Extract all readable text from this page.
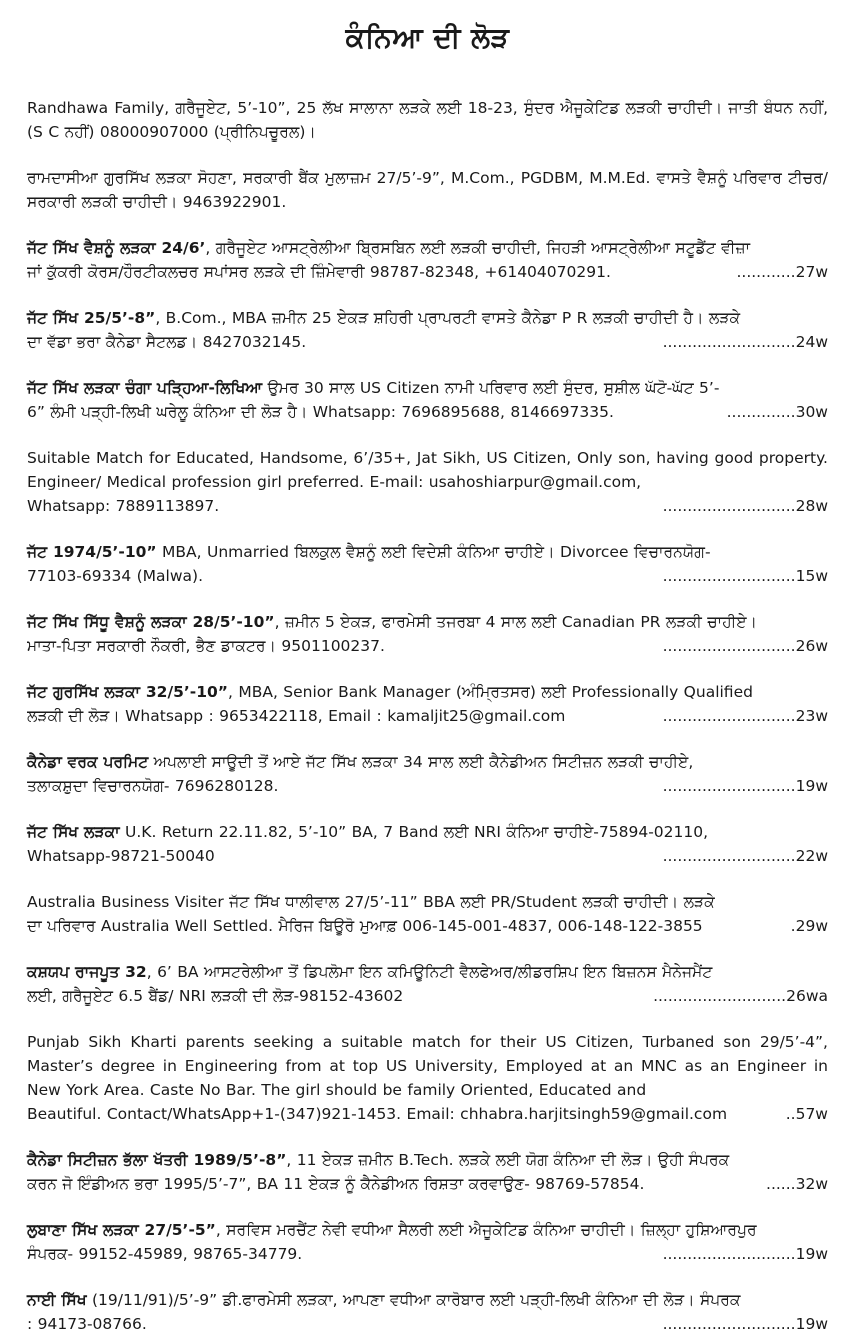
ਕੰਨਿਆ ਦੀ ਲੋੜ
Randhawa Family, ਗਰੈਜੂਏਟ, 5’-10”, 25 ਲੱਖ ਸਾਲਾਨਾ ਲੜਕੇ ਲਈ 18-23, ਸੁੰਦਰ ਐਜੂਕੇਟਿਡ ਲੜਕੀ ਚਾਹੀਦੀ। ਜਾਤੀ ਬੰਧਨ ਨਹੀਂ, (S C ਨਹੀਂ) 08000907000 (ਪ੍ਰੀਨਿਪਚੂਰਲ)।
ਰਾਮਦਾਸੀਆ ਗੁਰਸਿੱਖ ਲੜਕਾ ਸੋਹਣਾ, ਸਰਕਾਰੀ ਬੈਂਕ ਮੁਲਾਜ਼ਮ 27/5’-9”, M.Com., PGDBM, M.M.Ed. ਵਾਸਤੇ ਵੈਸ਼ਨੂੰ ਪਰਿਵਾਰ ਟੀਚਰ/ਸਰਕਾਰੀ ਲੜਕੀ ਚਾਹੀਦੀ। 9463922901.
ਜੱਟ ਸਿੱਖ ਵੈਸ਼ਨੂੰ ਲੜਕਾ 24/6’, ਗਰੈਜੂਏਟ ਆਸਟ੍ਰੇਲੀਆ ਬ੍ਰਿਸਬਿਨ ਲਈ ਲੜਕੀ ਚਾਹੀਦੀ, ਜਿਹੜੀ ਆਸਟ੍ਰੇਲੀਆ ਸਟੂਡੈਂਟ ਵੀਜ਼ਾ
ਜਾਂ ਕੁੱਕਰੀ ਕੋਰਸ/ਹੌਰਟੀਕਲਚਰ ਸਪਾਂਸਰ ਲੜਕੇ ਦੀ ਜ਼ਿੰਮੇਵਾਰੀ 98787-82348, +61404070291.	............27w
ਜੱਟ ਸਿੱਖ 25/5’-8”, B.Com., MBA ਜ਼ਮੀਨ 25 ਏਕੜ ਸ਼ਹਿਰੀ ਪ੍ਰਾਪਰਟੀ ਵਾਸਤੇ ਕੈਨੇਡਾ P R ਲੜਕੀ ਚਾਹੀਦੀ ਹੈ। ਲੜਕੇ
ਦਾ ਵੱਡਾ ਭਰਾ ਕੈਨੇਡਾ ਸੈਟਲਡ। 8427032145.	...........................24w
ਜੱਟ ਸਿੱਖ ਲੜਕਾ ਚੰਗਾ ਪੜ੍ਹਿਆ-ਲਿਖਿਆ ਉਮਰ 30 ਸਾਲ US Citizen ਨਾਮੀ ਪਰਿਵਾਰ ਲਈ ਸੁੰਦਰ, ਸੁਸ਼ੀਲ ਘੱਟੋ-ਘੱਟ 5’-
6” ਲੰਮੀ ਪੜ੍ਹੀ-ਲਿਖੀ ਘਰੇਲੂ ਕੰਨਿਆ ਦੀ ਲੋੜ ਹੈ। Whatsapp: 7696895688, 8146697335.	..............30w
Suitable Match for Educated, Handsome, 6’/35+, Jat Sikh, US Citizen, Only son, having good property. Engineer/ Medical profession girl preferred. E-mail: usahoshiarpur@gmail.com,
Whatsapp: 7889113897.	...........................28w
ਜੱਟ 1974/5’-10” MBA, Unmarried ਬਿਲਕੁਲ ਵੈਸ਼ਨੂੰ ਲਈ ਵਿਦੇਸ਼ੀ ਕੰਨਿਆ ਚਾਹੀਏ। Divorcee ਵਿਚਾਰਨਯੋਗ-
77103-69334 (Malwa).	...........................15w
ਜੱਟ ਸਿੱਖ ਸਿੱਧੂ ਵੈਸ਼ਨੂੰ ਲੜਕਾ 28/5’-10”, ਜ਼ਮੀਨ 5 ਏਕੜ, ਫਾਰਮੇਸੀ ਤਜਰਬਾ 4 ਸਾਲ ਲਈ Canadian PR ਲੜਕੀ ਚਾਹੀਏ।
ਮਾਤਾ-ਪਿਤਾ ਸਰਕਾਰੀ ਨੌਕਰੀ, ਭੈਣ ਡਾਕਟਰ। 9501100237.	...........................26w
ਜੱਟ ਗੁਰਸਿੱਖ ਲੜਕਾ 32/5’-10”, MBA, Senior Bank Manager (ਅੰਮ੍ਰਿਤਸਰ) ਲਈ Professionally Qualified
ਲੜਕੀ ਦੀ ਲੋੜ। Whatsapp : 9653422118, Email : kamaljit25@gmail.com	...........................23w
ਕੈਨੇਡਾ ਵਰਕ ਪਰਮਿਟ ਅਪਲਾਈ ਸਾਊਦੀ ਤੋਂ ਆਏ ਜੱਟ ਸਿੱਖ ਲੜਕਾ 34 ਸਾਲ ਲਈ ਕੈਨੇਡੀਅਨ ਸਿਟੀਜ਼ਨ ਲੜਕੀ ਚਾਹੀਏ,
ਤਲਾਕਸ਼ੁਦਾ ਵਿਚਾਰਨਯੋਗ- 7696280128.	...........................19w
ਜੱਟ ਸਿੱਖ ਲੜਕਾ U.K. Return 22.11.82, 5’-10” BA, 7 Band ਲਈ NRI ਕੰਨਿਆ ਚਾਹੀਏ-75894-02110,
Whatsapp-98721-50040	...........................22w
Australia Business Visiter ਜੱਟ ਸਿੱਖ ਧਾਲੀਵਾਲ 27/5’-11” BBA ਲਈ PR/Student ਲੜਕੀ ਚਾਹੀਦੀ। ਲੜਕੇ
ਦਾ ਪਰਿਵਾਰ Australia Well Settled. ਮੈਰਿਜ ਬਿਊਰੋ ਮੁਆਫ਼ 006-145-001-4837, 006-148-122-3855	.29w
ਕਸ਼ਯਪ ਰਾਜਪੂਤ 32, 6’ BA ਆਸਟਰੇਲੀਆ ਤੋਂ ਡਿਪਲੋਮਾ ਇਨ ਕਮਿਊਨਿਟੀ ਵੈਲਫੇਅਰ/ਲੀਡਰਸ਼ਿਪ ਇਨ ਬਿਜ਼ਨਸ ਮੈਨੇਜਮੈਂਟ
ਲਈ, ਗਰੈਜੂਏਟ 6.5 ਬੈਂਡ/ NRI ਲੜਕੀ ਦੀ ਲੋੜ-98152-43602	...........................26wa
Punjab Sikh Kharti parents seeking a suitable match for their US Citizen, Turbaned son 29/5’-4”, Master’s degree in Engineering from at top US University, Employed at an MNC as an Engineer in New York Area. Caste No Bar. The girl should be family Oriented, Educated and
Beautiful. Contact/WhatsApp+1-(347)921-1453. Email: chhabra.harjitsingh59@gmail.com	..57w
ਕੈਨੇਡਾ ਸਿਟੀਜ਼ਨ ਭੱਲਾ ਖੱਤਰੀ 1989/5’-8”, 11 ਏਕੜ ਜ਼ਮੀਨ B.Tech. ਲੜਕੇ ਲਈ ਯੋਗ ਕੰਨਿਆ ਦੀ ਲੋੜ। ਉਹੀ ਸੰਪਰਕ
ਕਰਨ ਜੋ ਇੰਡੀਅਨ ਭਰਾ 1995/5’-7”, BA 11 ਏਕੜ ਨੂੰ ਕੈਨੇਡੀਅਨ ਰਿਸ਼ਤਾ ਕਰਵਾਉਣ- 98769-57854.	......32w
ਲੁਬਾਣਾ ਸਿੱਖ ਲੜਕਾ 27/5’-5”, ਸਰਵਿਸ ਮਰਚੈਂਟ ਨੇਵੀ ਵਧੀਆ ਸੈਲਰੀ ਲਈ ਐਜੂਕੇਟਿਡ ਕੰਨਿਆ ਚਾਹੀਦੀ। ਜ਼ਿਲ੍ਹਾ ਹੁਸ਼ਿਆਰਪੁਰ
ਸੰਪਰਕ- 99152-45989, 98765-34779.	...........................19w
ਨਾਈ ਸਿੱਖ (19/11/91)/5’-9” ਡੀ.ਫਾਰਮੇਸੀ ਲੜਕਾ, ਆਪਣਾ ਵਧੀਆ ਕਾਰੋਬਾਰ ਲਈ ਪੜ੍ਹੀ-ਲਿਖੀ ਕੰਨਿਆ ਦੀ ਲੋੜ। ਸੰਪਰਕ
: 94173-08766.	...........................19w
